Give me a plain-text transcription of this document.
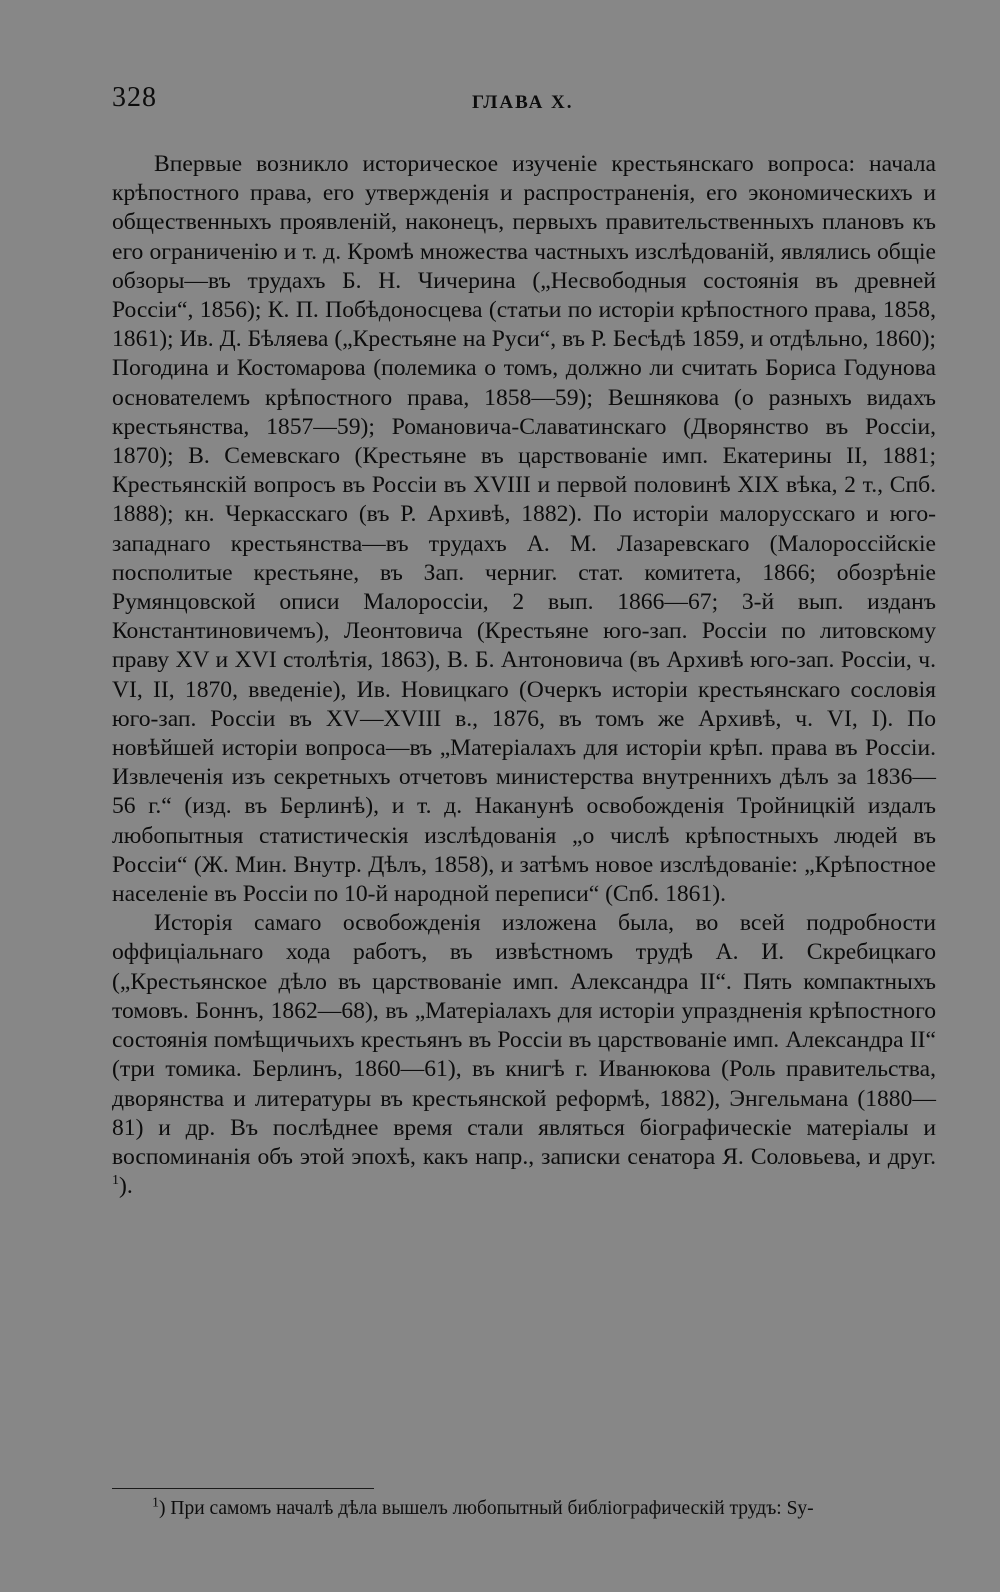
328	ГЛАВА X.

Впервые возникло историческое изученіе крестьянскаго вопроса: начала крѣпостного права, его утвержденія и распространенія, его экономическихъ и общественныхъ проявленій, наконецъ, первыхъ правительственныхъ плановъ къ его ограниченію и т. д. Кромѣ множества частныхъ изслѣдованій, являлись общіе обзоры—въ трудахъ Б. Н. Чичерина („Несвободныя состоянія въ древней Россіи“, 1856); К. П. Побѣдоносцева (статьи по исторіи крѣпостного права, 1858, 1861); Ив. Д. Бѣляева („Крестьяне на Руси“, въ Р. Бесѣдѣ 1859, и отдѣльно, 1860); Погодина и Костомарова (полемика о томъ, должно ли считать Бориса Годунова основателемъ крѣпостного права, 1858—59); Вешнякова (о разныхъ видахъ крестьянства, 1857—59); Романовича-Славатинскаго (Дворянство въ Россіи, 1870); В. Семевскаго (Крестьяне въ царствованіе имп. Екатерины II, 1881; Крестьянскій вопросъ въ Россіи въ XVIII и первой половинѣ XIX вѣка, 2 т., Спб. 1888); кн. Черкасскаго (въ Р. Архивѣ, 1882). По исторіи малорусскаго и юго-западнаго крестьянства—въ трудахъ А. М. Лазаревскаго (Малороссійскіе посполитые крестьяне, въ Зап. черниг. стат. комитета, 1866; обозрѣніе Румянцовской описи Малороссіи, 2 вып. 1866—67; 3-й вып. изданъ Константиновичемъ), Леонтовича (Крестьяне юго-зап. Россіи по литовскому праву XV и XVI столѣтія, 1863), В. Б. Антоновича (въ Архивѣ юго-зап. Россіи, ч. VI, II, 1870, введеніе), Ив. Новицкаго (Очеркъ исторіи крестьянскаго сословія юго-зап. Россіи въ XV—XVIII в., 1876, въ томъ же Архивѣ, ч. VI, I). По новѣйшей исторіи вопроса—въ „Матеріалахъ для исторіи крѣп. права въ Россіи. Извлеченія изъ секретныхъ отчетовъ министерства внутреннихъ дѣлъ за 1836—56 г.“ (изд. въ Берлинѣ), и т. д. Наканунѣ освобожденія Тройницкій издалъ любопытныя статистическія изслѣдованія „о числѣ крѣпостныхъ людей въ Россіи“ (Ж. Мин. Внутр. Дѣлъ, 1858), и затѣмъ новое изслѣдованіе: „Крѣпостное населеніе въ Россіи по 10-й народной переписи“ (Спб. 1861).

Исторія самаго освобожденія изложена была, во всей подробности оффиціальнаго хода работъ, въ извѣстномъ трудѣ А. И. Скребицкаго („Крестьянское дѣло въ царствованіе имп. Александра II“. Пять компактныхъ томовъ. Боннъ, 1862—68), въ „Матеріалахъ для исторіи упраздненія крѣпостного состоянія помѣщичьихъ крестьянъ въ Россіи въ царствованіе имп. Александра II“ (три томика. Берлинъ, 1860—61), въ книгѣ г. Иванюкова (Роль правительства, дворянства и литературы въ крестьянской реформѣ, 1882), Энгельмана (1880—81) и др. Въ послѣднее время стали являться біографическіе матеріалы и воспоминанія объ этой эпохѣ, какъ напр., записки сенатора Я. Соловьева, и друг. $^1$).

$^1$) При самомъ началѣ дѣла вышелъ любопытный библіографическій трудъ: Sy-
